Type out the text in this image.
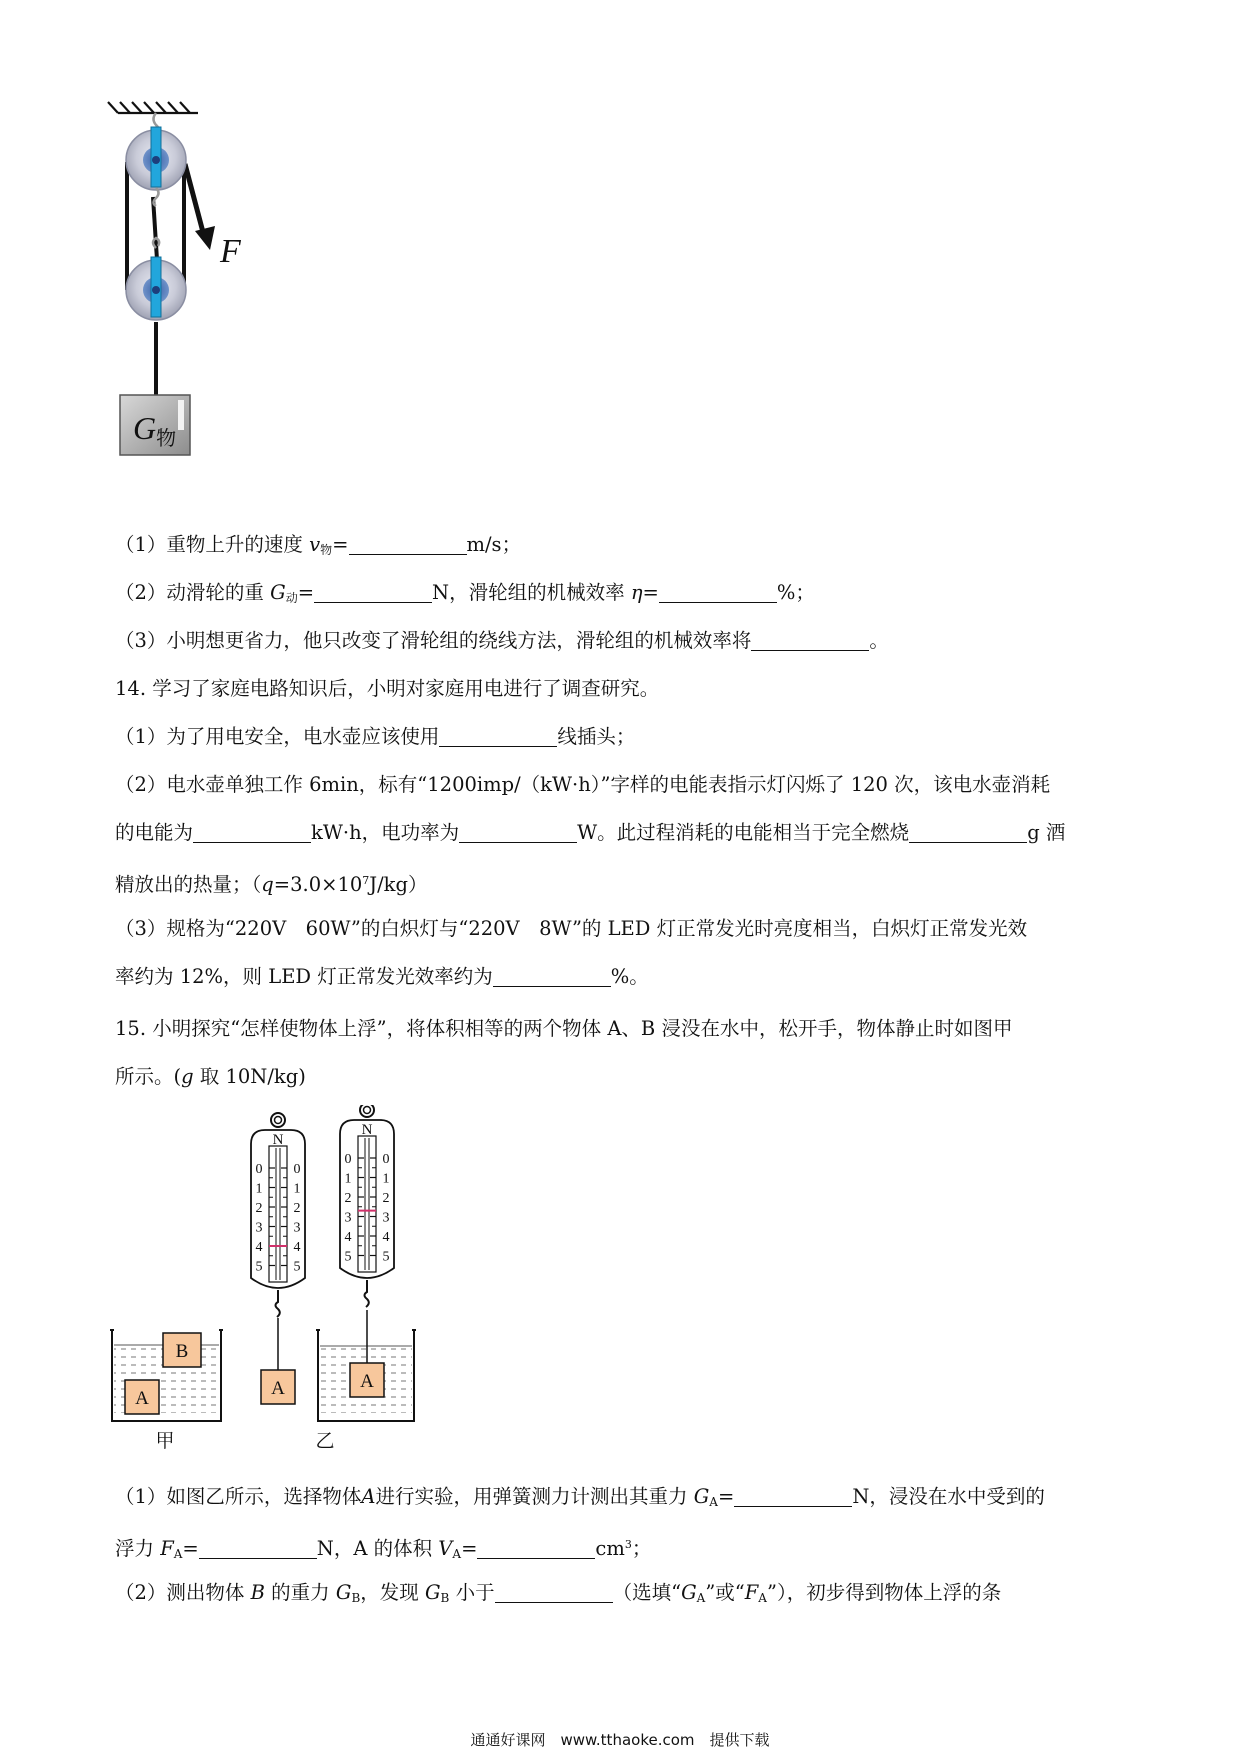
F
G物
（1）重物上升的速度 $v_物=$	m/s；
（2）动滑轮的重 $G_动=$	N，滑轮组的机械效率 η=	%；
（3）小明想更省力，他只改变了滑轮组的绕线方法，滑轮组的机械效率将	。
14. 学习了家庭电路知识后，小明对家庭用电进行了调查研究。
（1）为了用电安全，电水壶应该使用	线插头；
（2）电水壶单独工作 6min，标有“1200imp/（kW·h）”字样的电能表指示灯闪烁了 120 次，该电水壶消耗
的电能为	kW·h，电功率为	W。此过程消耗的电能相当于完全燃烧	g 酒
精放出的热量；$(q=3.0\times 10^7J/kg)$
（3）规格为“220V　60W”的白炽灯与“220V　8W”的 LED 灯正常发光时亮度相当，白炽灯正常发光效
率约为 12%，则 LED 灯正常发光效率约为	%。
15. 小明探究“怎样使物体上浮”，将体积相等的两个物体 A、B 浸没在水中，松开手，物体静止时如图甲
所示。(g 取 10N/kg)
B
A
甲
N
0 0
1 1
2 2
3 3
4 4
5 5
N
0 0
1 1
2 2
3 3
4 4
5 5
A	A
乙
（1）如图乙所示，选择物体A进行实验，用弹簧测力计测出其重力 $G_A=$	N，浸没在水中受到的
浮力 $F_A=$	N，A 的体积 $V_A=$	$cm^3$；
（2）测出物体 B 的重力 $G_B$，发现 $G_B$ 小于	（选填“$G_A$”或“$F_A$”），初步得到物体上浮的条
通通好课网　www.tthaoke.com　提供下载
